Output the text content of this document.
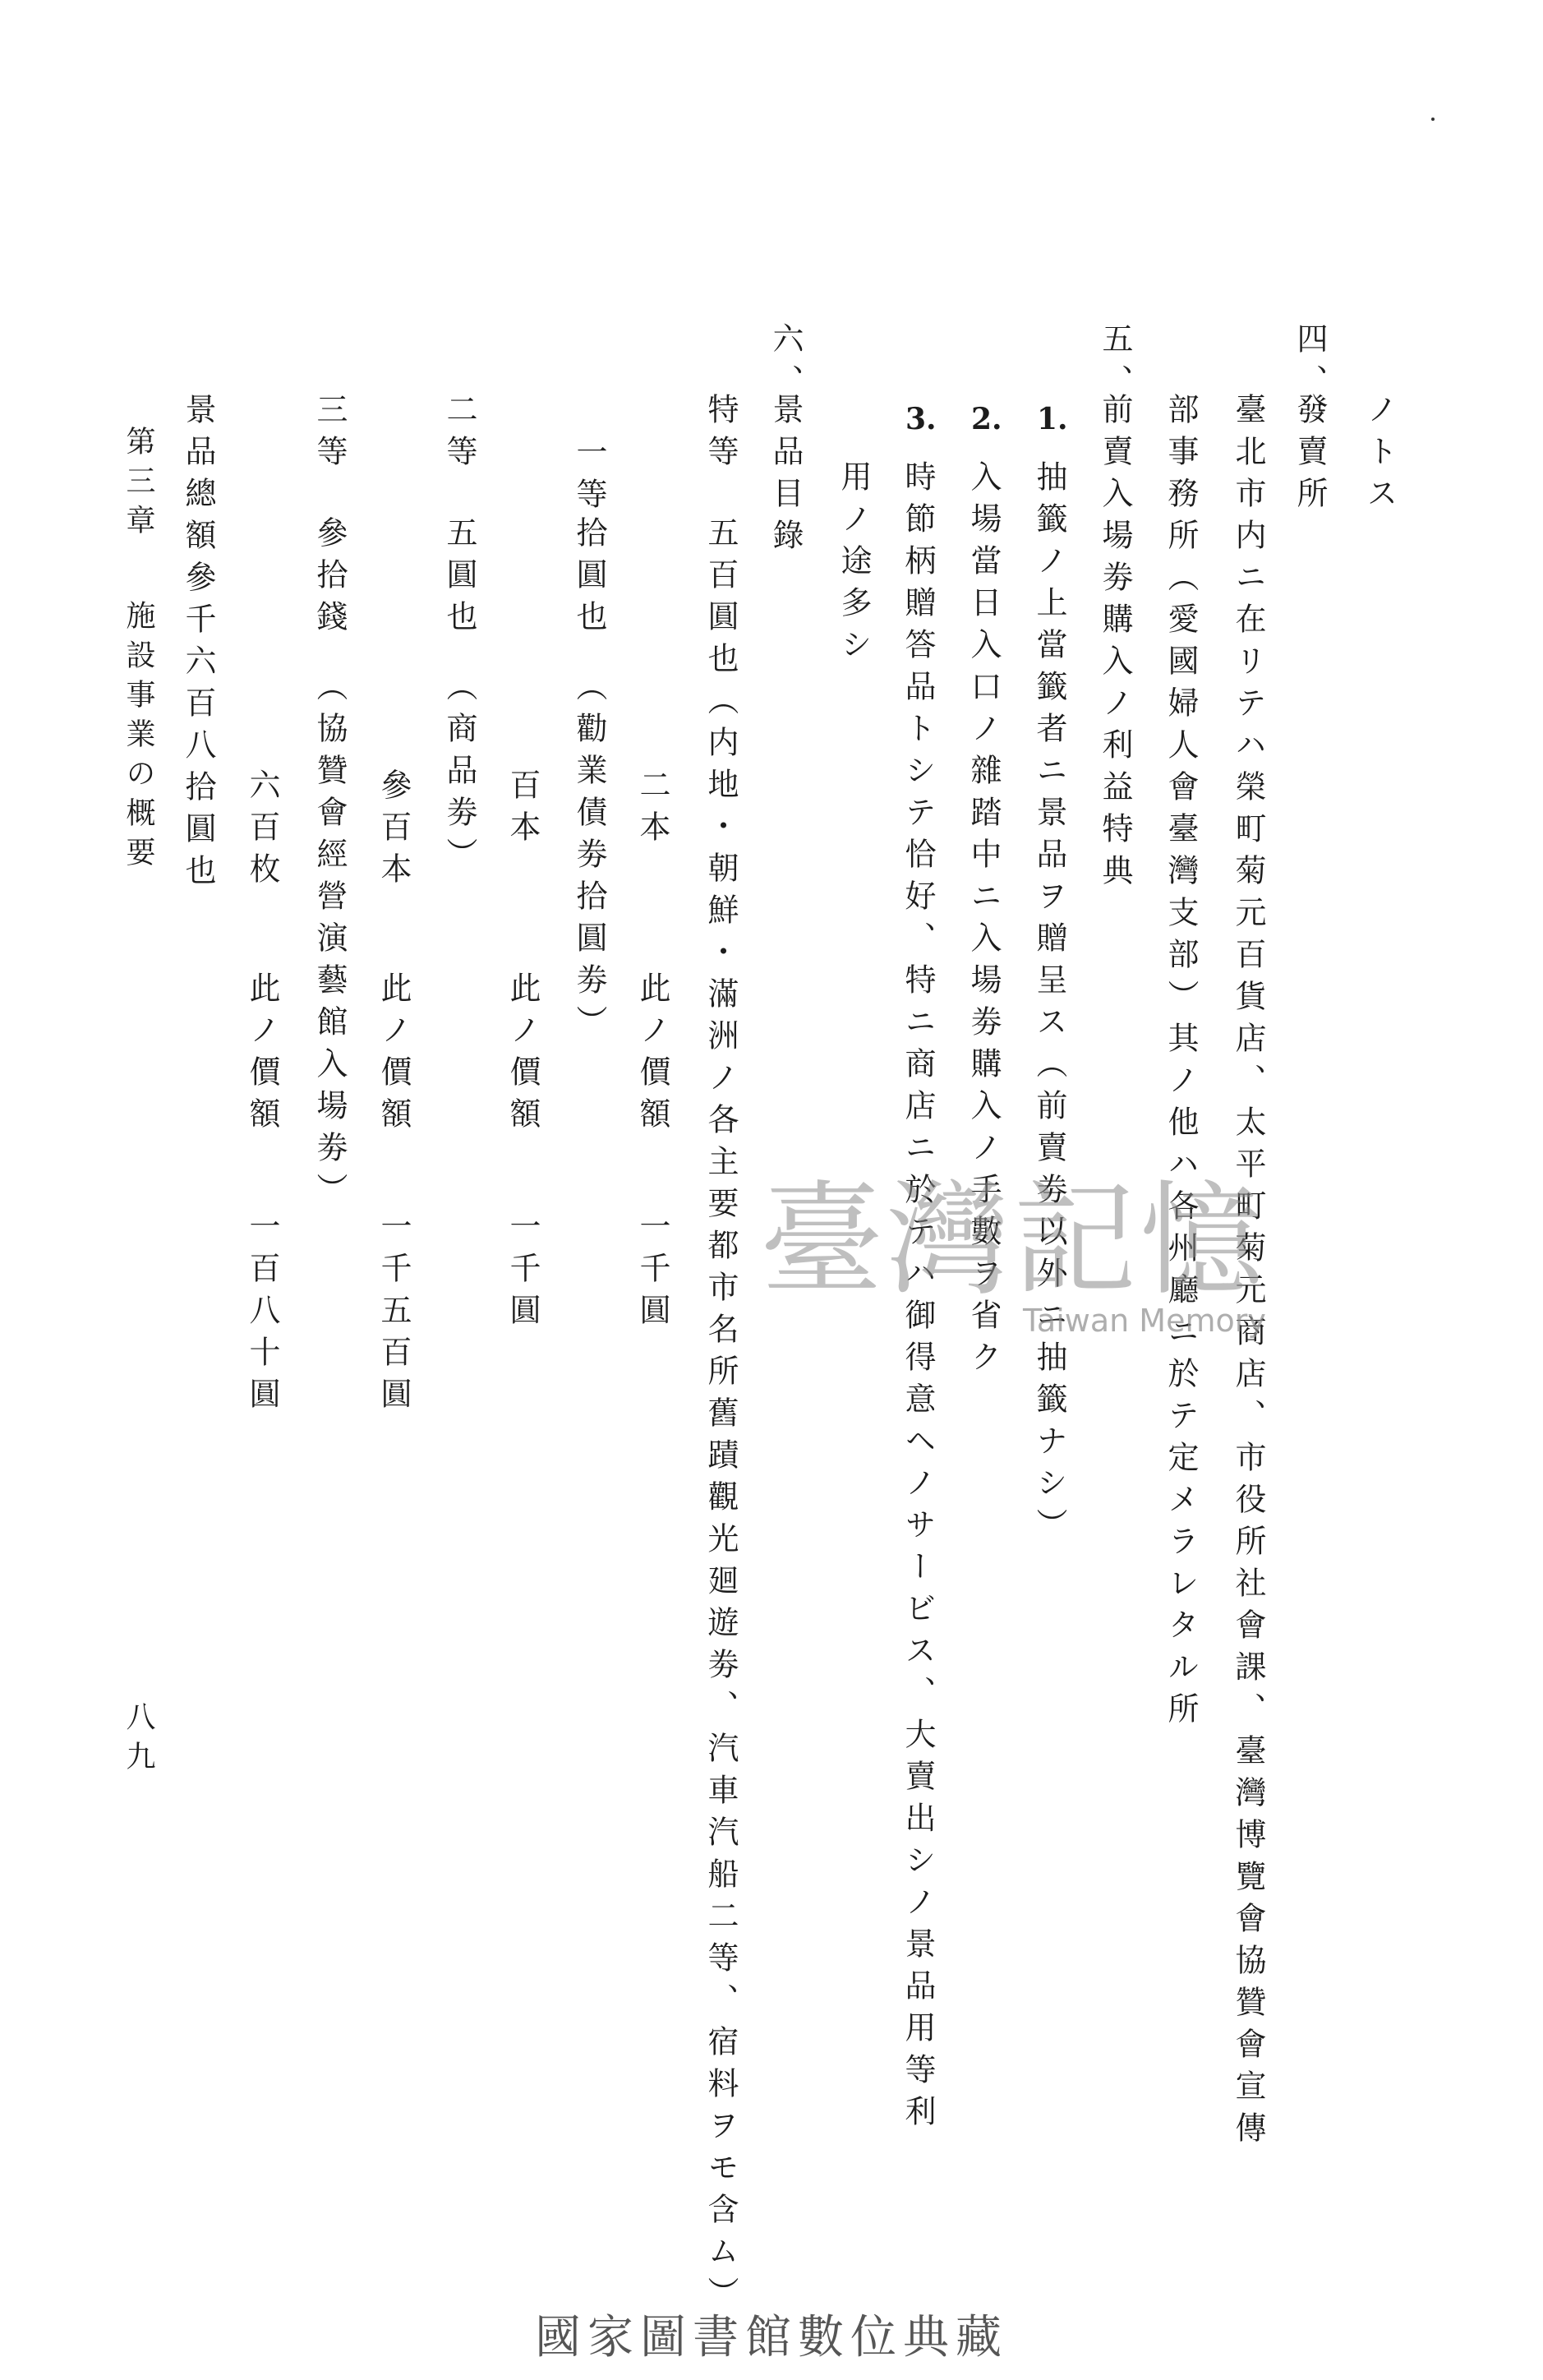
ノトス
四、
發賣所
臺北市内ニ在リテハ榮町菊元百貨店、太平町菊元商店、市役所社會課、臺灣博覽會協贊會宣傳
部事務所（愛國婦人會臺灣支部）其ノ他ハ各州廳ニ於テ定メラレタル所
五、
前賣入場劵購入ノ利益特典
1.
抽籤ノ上當籤者ニ景品ヲ贈呈ス（前賣劵以外ニ抽籤ナシ）
2.
入場當日入口ノ雜踏中ニ入場劵購入ノ手數ヲ省ク
3.
時節柄贈答品トシテ恰好、特ニ商店ニ於テハ御得意ヘノサービス、大賣出シノ景品用等利
用ノ途多シ
六、
景品目錄
特等
五百圓也（内地・朝鮮・滿洲ノ各主要都市名所舊蹟觀光廻遊劵、汽車汽船二等、宿料ヲモ含ム）
二本
此ノ價額
一千圓
一等
拾圓也
（勸業債劵拾圓劵）
百本
此ノ價額
一千圓
二等
五圓也
（商品劵）
參百本
此ノ價額
一千五百圓
三等
參拾錢
（協贊會經營演藝館入場劵）
六百枚
此ノ價額
一百八十圓
景品總額參千六百八拾圓也
第三章
施設事業の概要
八九
臺灣記憶
Taiwan Memory
國家圖書館數位典藏
